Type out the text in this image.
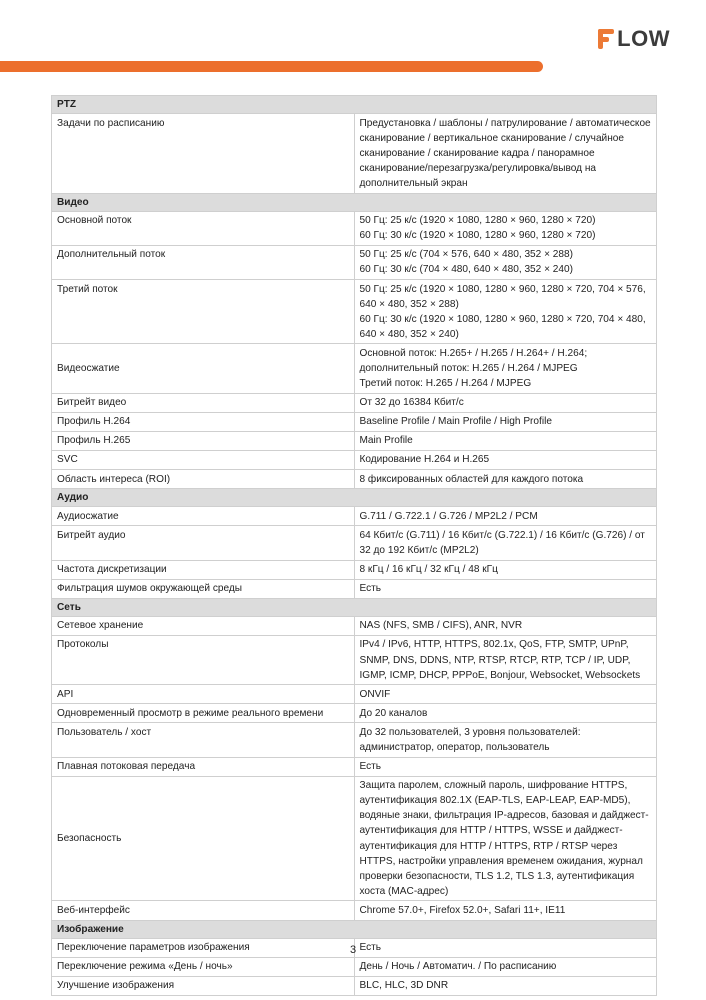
LOW
PTZ	
Задачи по расписанию	Предустановка / шаблоны / патрулирование / автоматическое сканирование / вертикальное сканирование / случайное сканирование / сканирование кадра / панорамное сканирование/перезагрузка/регулировка/вывод на дополнительный экран
Видео	
Основной поток	50 Гц: 25 к/с (1920 × 1080, 1280 × 960, 1280 × 720)
60 Гц: 30 к/с (1920 × 1080, 1280 × 960, 1280 × 720)

Дополнительный поток	50 Гц: 25 к/с (704 × 576, 640 × 480, 352 × 288)
60 Гц: 30 к/с (704 × 480, 640 × 480, 352 × 240)

Третий поток	50 Гц: 25 к/с (1920 × 1080, 1280 × 960, 1280 × 720, 704 × 576, 640 × 480, 352 × 288)
60 Гц: 30 к/с (1920 × 1080, 1280 × 960, 1280 × 720, 704 × 480, 640 × 480, 352 × 240)

Видеосжатие	Основной поток: H.265+ / H.265 / H.264+ / H.264; дополнительный поток: H.265 / H.264 / MJPEG
Третий поток: H.265 / H.264 / MJPEG

Битрейт видео	От 32 до 16384 Кбит/с
Профиль H.264	Baseline Profile / Main Profile / High Profile
Профиль H.265	Main Profile
SVC	Кодирование H.264 и H.265
Область интереса (ROI)	8 фиксированных областей для каждого потока
Аудио	
Аудиосжатие	G.711 / G.722.1 / G.726 / MP2L2 / PCM
Битрейт аудио	64 Кбит/с (G.711) / 16 Кбит/с (G.722.1) / 16 Кбит/с (G.726) / от 32 до 192 Кбит/с (MP2L2)
Частота дискретизации	8 кГц / 16 кГц / 32 кГц / 48 кГц
Фильтрация шумов окружающей среды	Есть
Сеть	
Сетевое хранение	NAS (NFS, SMB / CIFS), ANR, NVR
Протоколы	IPv4 / IPv6, HTTP, HTTPS, 802.1x, QoS, FTP, SMTP, UPnP, SNMP, DNS, DDNS, NTP, RTSP, RTCP, RTP, TCP / IP, UDP, IGMP, ICMP, DHCP, PPPoE, Bonjour, Websocket, Websockets
API	ONVIF
Одновременный просмотр в режиме реального времени	До 20 каналов
Пользователь / хост	До 32 пользователей, 3 уровня пользователей: администратор, оператор, пользователь
Плавная потоковая передача	Есть
Безопасность	Защита паролем, сложный пароль, шифрование HTTPS, аутентификация 802.1X (EAP-TLS, EAP-LEAP, EAP-MD5), водяные знаки, фильтрация IP-адресов, базовая и дайджест-аутентификация для HTTP / HTTPS, WSSE и дайджест-аутентификация для HTTP / HTTPS, RTP / RTSP через HTTPS, настройки управления временем ожидания, журнал проверки безопасности, TLS 1.2, TLS 1.3, аутентификация хоста (MAC-адрес)
Веб-интерфейс	Chrome 57.0+, Firefox 52.0+, Safari 11+, IE11
Изображение	
Переключение параметров изображения	Есть
Переключение режима «День / ночь»	День / Ночь / Автоматич. / По расписанию
Улучшение изображения	BLC, HLC, 3D DNR
3
